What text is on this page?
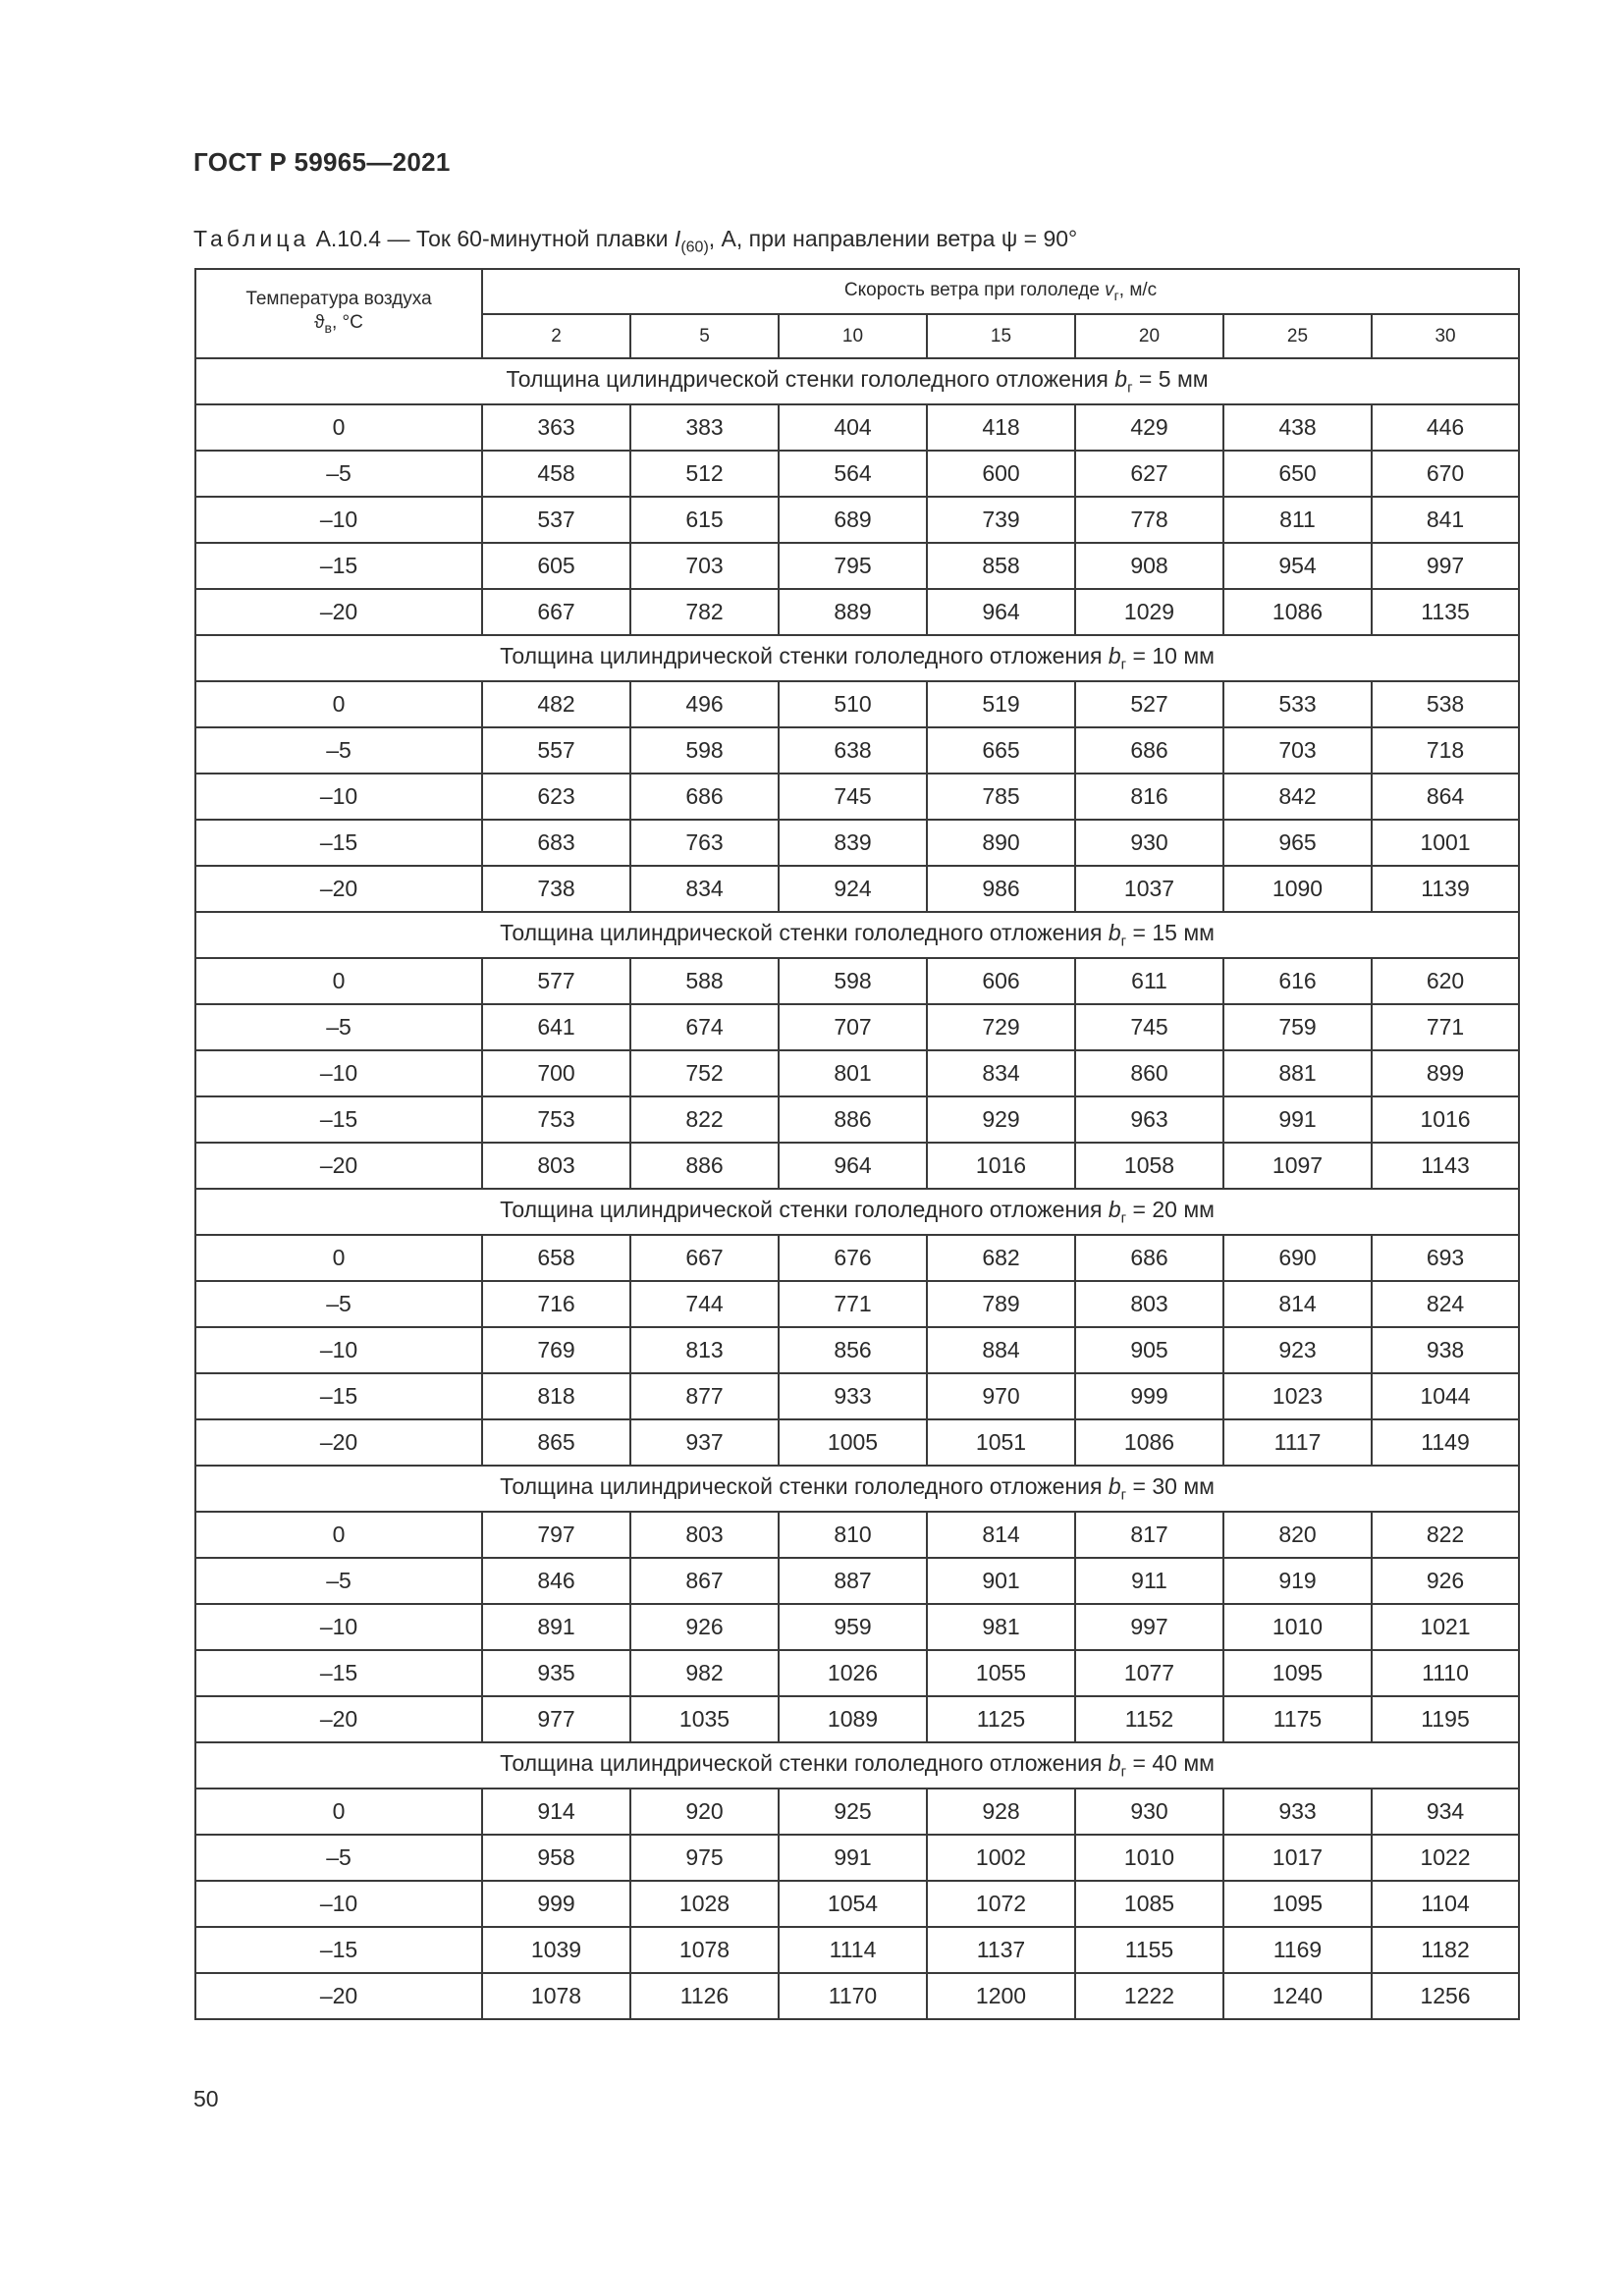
ГОСТ Р 59965—2021
Таблица А.10.4 — Ток 60-минутной плавки $I_{(60)}$, А, при направлении ветра ψ = 90°
Температура воздуха
$ϑ_в$, °С	Скорость ветра при гололеде $v_г$, м/с						
	2	5	10	15	20	25	30
Толщина цилиндрической стенки гололедного отложения $b_г = 5$ мм							
0	363	383	404	418	429	438	446
–5	458	512	564	600	627	650	670
–10	537	615	689	739	778	811	841
–15	605	703	795	858	908	954	997
–20	667	782	889	964	1029	1086	1135
Толщина цилиндрической стенки гололедного отложения $b_г = 10$ мм							
0	482	496	510	519	527	533	538
–5	557	598	638	665	686	703	718
–10	623	686	745	785	816	842	864
–15	683	763	839	890	930	965	1001
–20	738	834	924	986	1037	1090	1139
Толщина цилиндрической стенки гололедного отложения $b_г = 15$ мм							
0	577	588	598	606	611	616	620
–5	641	674	707	729	745	759	771
–10	700	752	801	834	860	881	899
–15	753	822	886	929	963	991	1016
–20	803	886	964	1016	1058	1097	1143
Толщина цилиндрической стенки гололедного отложения $b_г = 20$ мм							
0	658	667	676	682	686	690	693
–5	716	744	771	789	803	814	824
–10	769	813	856	884	905	923	938
–15	818	877	933	970	999	1023	1044
–20	865	937	1005	1051	1086	1117	1149
Толщина цилиндрической стенки гололедного отложения $b_г = 30$ мм							
0	797	803	810	814	817	820	822
–5	846	867	887	901	911	919	926
–10	891	926	959	981	997	1010	1021
–15	935	982	1026	1055	1077	1095	1110
–20	977	1035	1089	1125	1152	1175	1195
Толщина цилиндрической стенки гололедного отложения $b_г = 40$ мм							
0	914	920	925	928	930	933	934
–5	958	975	991	1002	1010	1017	1022
–10	999	1028	1054	1072	1085	1095	1104
–15	1039	1078	1114	1137	1155	1169	1182
–20	1078	1126	1170	1200	1222	1240	1256
50
